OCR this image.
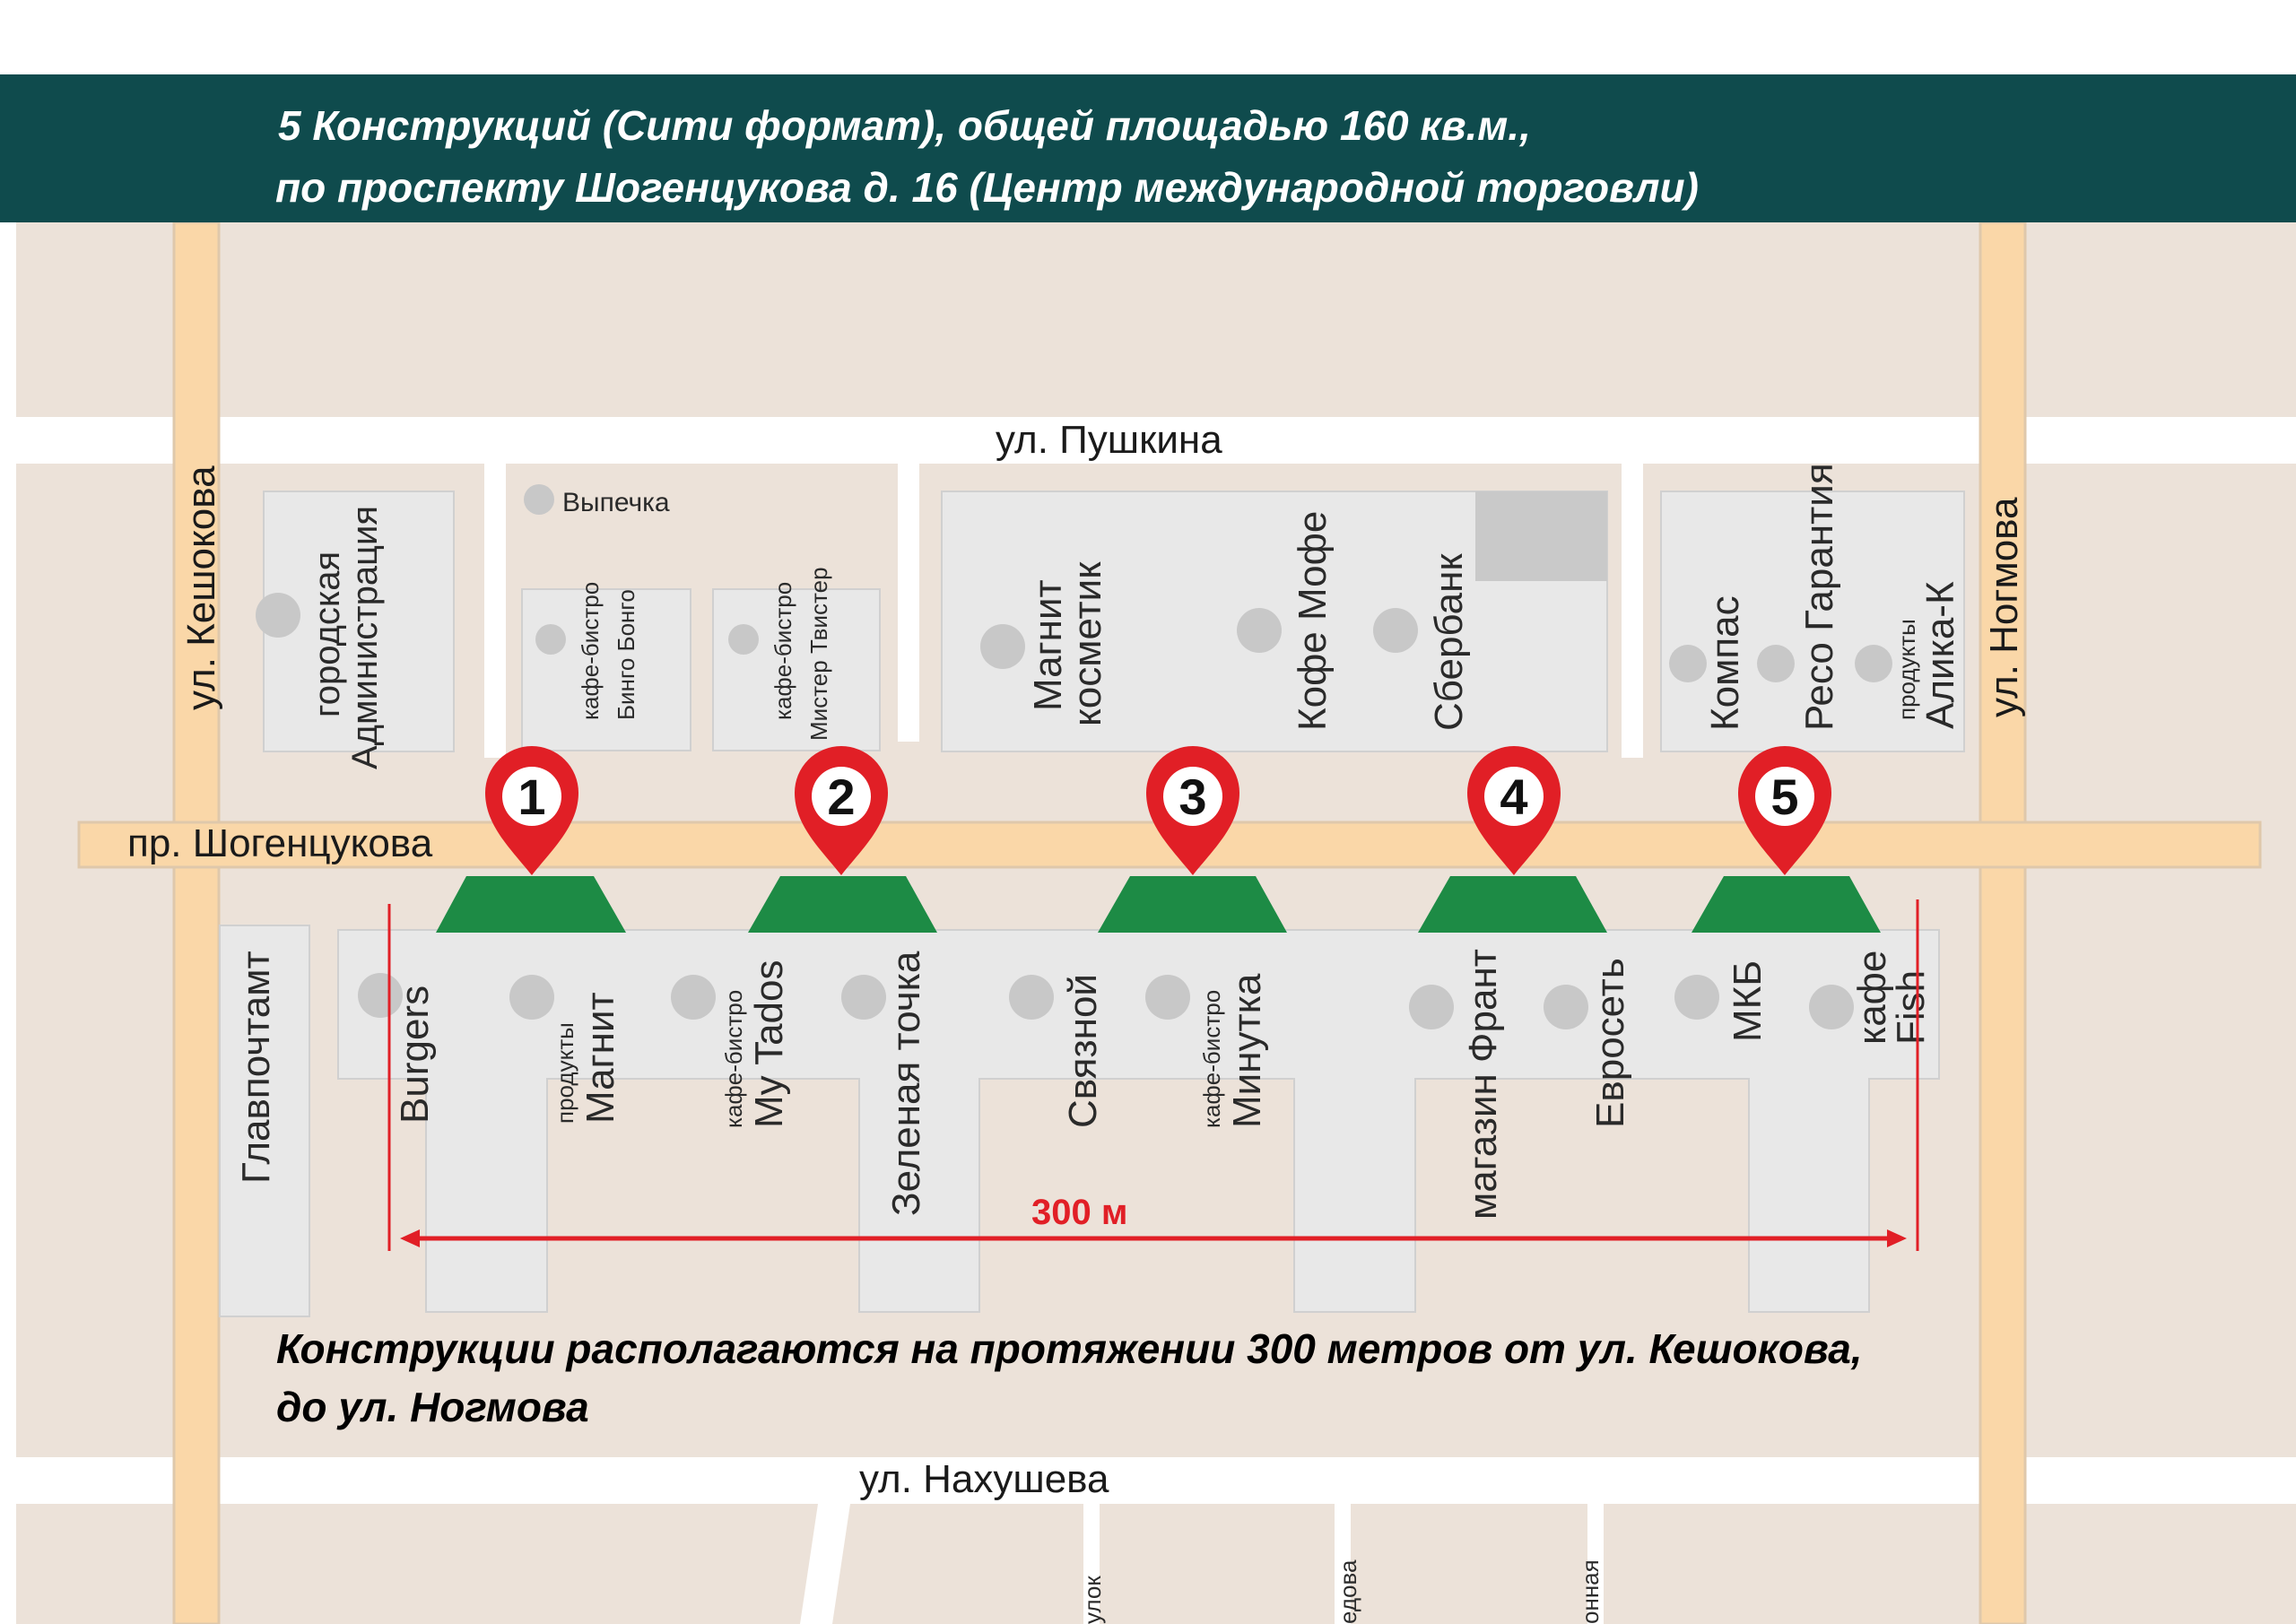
5 Конструкций (Сити формат), общей площадью 160 кв.м.,
по проспекту Шогенцукова д. 16 (Центр международной торговли)
ул. Пушкина
ул. Кешокова	ул. Ногмова
пр. Шогенцукова
ул. Нахушева
улок	едова	онная
городская
Администрация
Выпечка
кафе-бистро Бинго Бонго	кафе-бистро Мистер Твистер	Магнит
косметик	Кофе Мофе Сбербанк	Компас Ресо Гарантия продукты
Алика-К
Главпочтамт	Burgers	продукты Магнит	кафе-бистро My Tados Зеленая точка	Связной	кафе-бистро Минутка	магазин Франт Евросеть МКБ кафе
Fish
300 м
1	2	3	4	5
Конструкции располагаются на протяжении 300 метров от ул. Кешокова,
до ул. Ногмова
